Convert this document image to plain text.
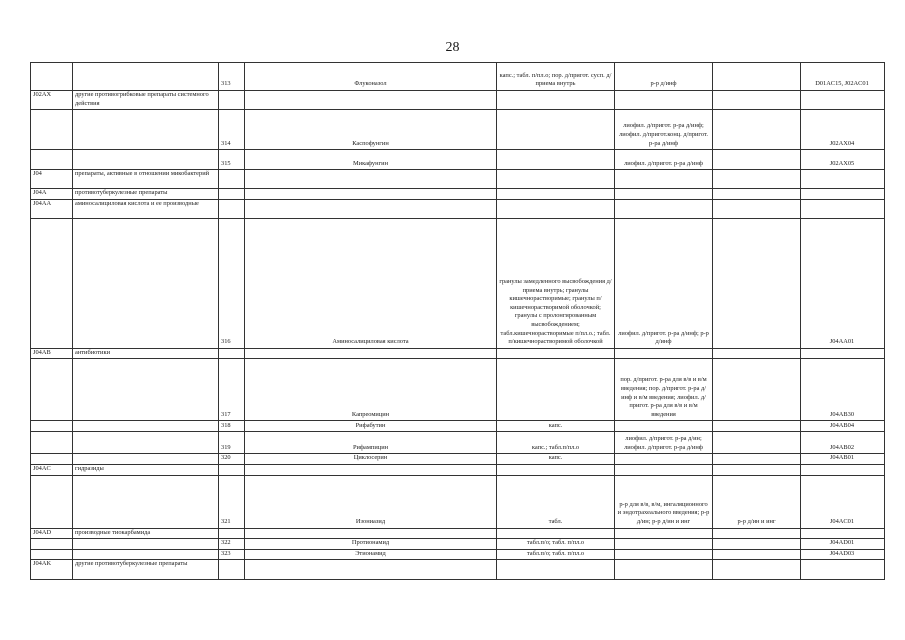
28
		313	Флуконазол	капс.; табл. п/пл.о; пор. д/пригот. сусп. д/приема внутрь	р-р д/инф		D01AC15, J02AC01
J02AX	другие противогрибковые препараты системного действия						
		314	Каспофунгин		лиофил. д/пригот. р-ра д/инф; лиофил. д/пригот.конц. д/пригот. р-ра д/инф		J02AX04
		315	Микафунгин		лиофил. д/пригот. р-ра д/инф		J02AX05
J04	препараты, активные в отношении микобактерий						
J04A	противотуберкулезные препараты						
J04AA	аминосалициловая кислота и ее производные						
		316	Аминосалициловая кислота	гранулы замедленного высвобождения д/приема внутрь; гранулы кишечнорастворимые; гранулы п/кишечнорастворимой оболочкой; гранулы с пролонгированным высвобождением; табл.кишечнорастворимые п/пл.о.; табл. п/кишечнорастворимой оболочкой	лиофил. д/пригот. р-ра д/инф; р-р д/инф		J04AA01
J04AB	антибиотики						
		317	Капреомицин		пор. д/пригот. р-ра для в/в и в/м введения; пор. д/пригот. р-ра д/инф и в/м введения; лиофил. д/пригот. р-ра для в/в и в/м введения		J04AB30
		318	Рифабутин	капс.			J04AB04
		319	Рифампицин	капс.; табл.п/пл.о	лиофил. д/пригот. р-ра д/ин; лиофил. д/пригот. р-ра д/инф		J04AB02
		320	Циклосерин	капс.			J04AB01
J04AC	гидразиды						
		321	Изониазид	табл.	р-р для в/в, в/м, ингаляционного и эндотрахеального введения; р-р д/ин; р-р д/ин и инг	р-р д/ин и инг	J04AC01
J04AD	производные тиокарбамида						
		322	Протионамид	табл.п/о; табл. п/пл.о			J04AD01
		323	Этионамид	табл.п/о; табл. п/пл.о			J04AD03
J04AK	другие противотуберкулезные препараты						
